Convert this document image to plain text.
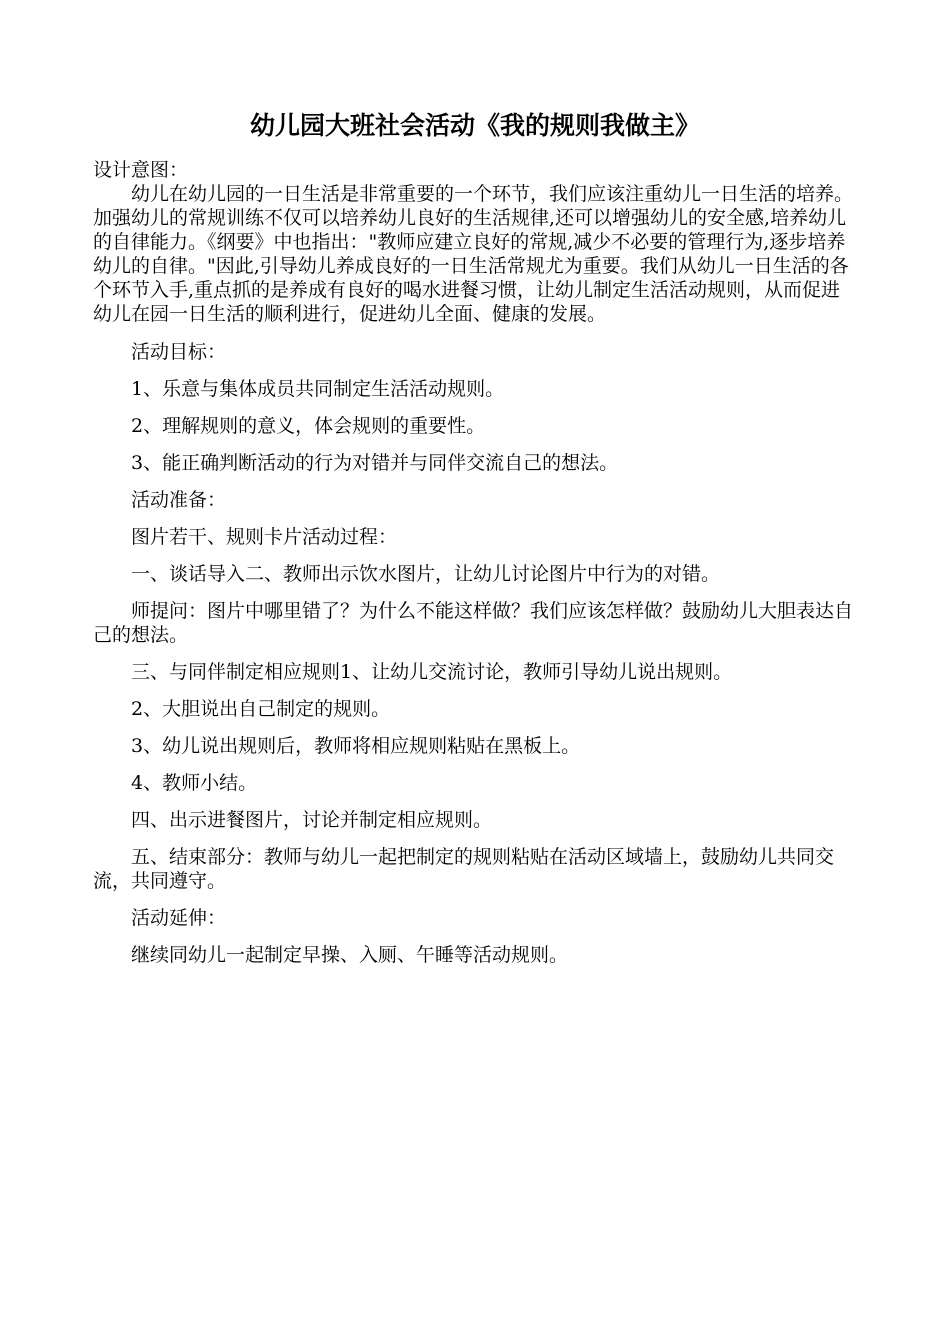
幼儿园大班社会活动《我的规则我做主》

设计意图：

幼儿在幼儿园的一日生活是非常重要的一个环节，我们应该注重幼儿一日生活的培养。加强幼儿的常规训练不仅可以培养幼儿良好的生活规律,还可以增强幼儿的安全感,培养幼儿的自律能力。《纲要》中也指出："教师应建立良好的常规,减少不必要的管理行为,逐步培养幼儿的自律。"因此,引导幼儿养成良好的一日生活常规尤为重要。我们从幼儿一日生活的各个环节入手,重点抓的是养成有良好的喝水进餐习惯，让幼儿制定生活活动规则，从而促进幼儿在园一日生活的顺利进行，促进幼儿全面、健康的发展。

活动目标：

1、乐意与集体成员共同制定生活活动规则。

2、理解规则的意义，体会规则的重要性。

3、能正确判断活动的行为对错并与同伴交流自己的想法。

活动准备：

图片若干、规则卡片活动过程：

一、谈话导入二、教师出示饮水图片，让幼儿讨论图片中行为的对错。

师提问：图片中哪里错了？为什么不能这样做？我们应该怎样做？鼓励幼儿大胆表达自己的想法。

三、与同伴制定相应规则1、让幼儿交流讨论，教师引导幼儿说出规则。

2、大胆说出自己制定的规则。

3、幼儿说出规则后，教师将相应规则粘贴在黑板上。

4、教师小结。

四、出示进餐图片，讨论并制定相应规则。

五、结束部分：教师与幼儿一起把制定的规则粘贴在活动区域墙上，鼓励幼儿共同交流，共同遵守。

活动延伸：

继续同幼儿一起制定早操、入厕、午睡等活动规则。
